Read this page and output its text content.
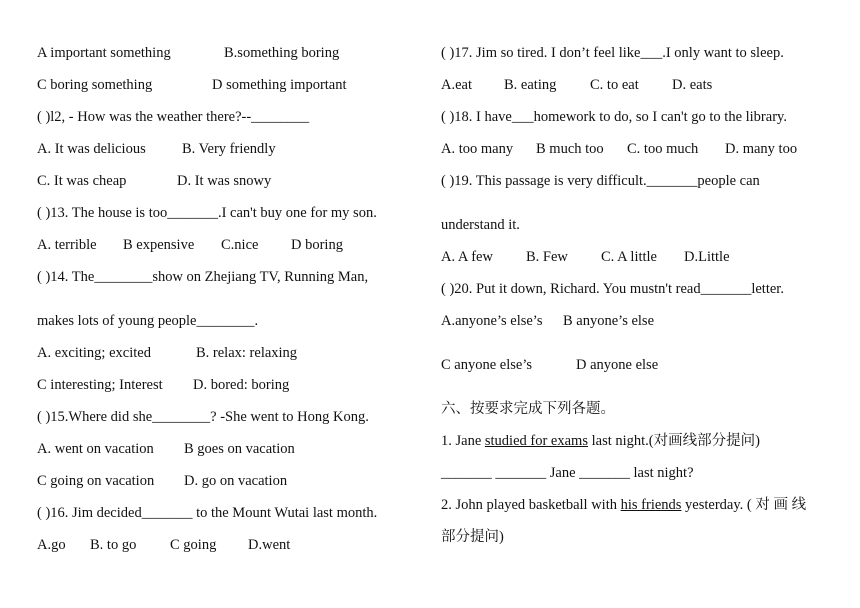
A important something	B.something boring
C boring something	D something important
( )l2, - How was the weather there?--________
A. It was delicious	B. Very friendly
C. It was cheap	D. It was snowy
( )13. The house is too_______.I can't buy one for my son.
A. terrible B expensive C.nice D boring
( )14. The________show on Zhejiang TV, Running Man,
makes lots of young people________.
A. exciting; excited	B. relax: relaxing
C interesting; Interest D. bored: boring
( )15.Where did she________? -She went to Hong Kong.
A. went on vacation B goes on vacation
C going on vacation D. go on vacation
( )16. Jim decided_______ to the Mount Wutai last month.
A.go B. to go C going D.went
( )17. Jim so tired. I don’t feel like___.I only want to sleep.
A.eat B. eating C. to eat D. eats
( )18. I have___homework to do, so I can't go to the library.
A. too many B much too C. too much D. many too
( )19. This passage is very difficult._______people can
understand it.
A. A few B. Few C. A little D.Little
( )20. Put it down, Richard. You mustn't read_______letter.
A.anyone’s else’s B anyone’s else
C anyone else’s	D anyone else
六、按要求完成下列各题。
1. Jane studied for exams last night.(对画线部分提问)
_______ _______ Jane _______ last night?
2. John played basketball with his friends yesterday. ( 对 画 线
部分提问)
